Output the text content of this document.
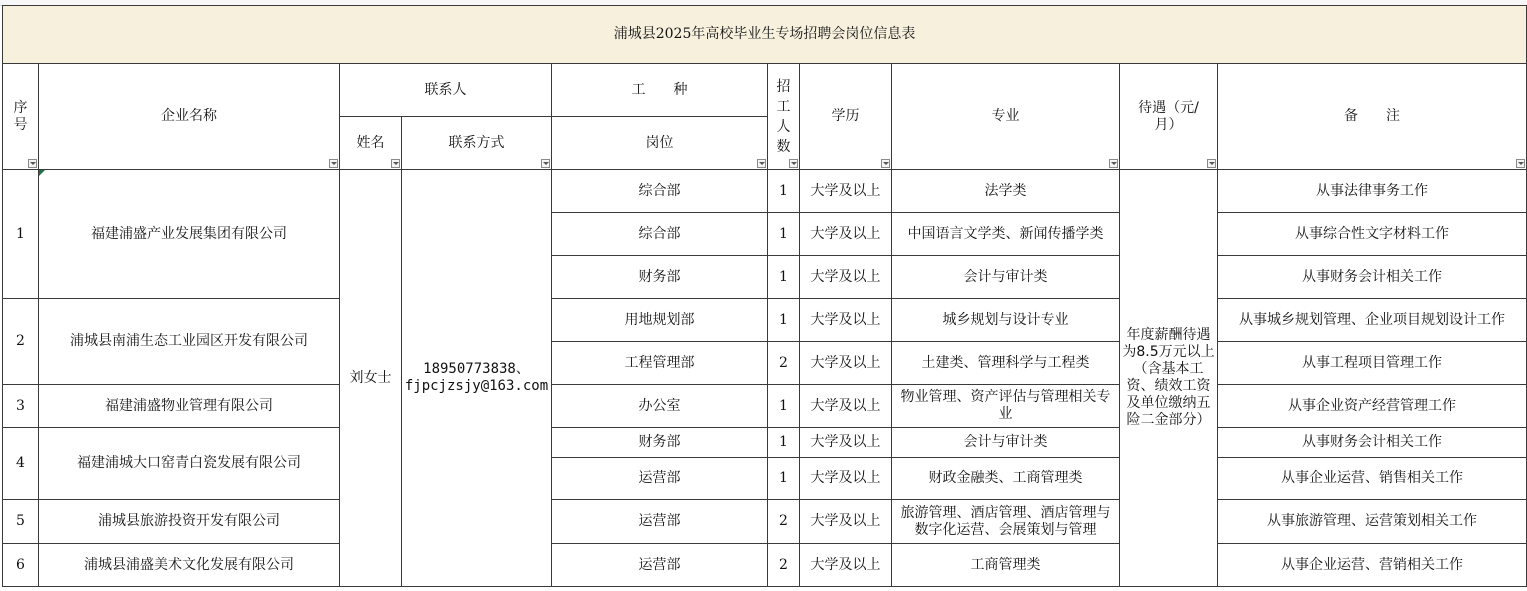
浦城县2025年高校毕业生专场招聘会岗位信息表									
序号	企业名称	联系人		工　　种	招工人数	学历	专业	待遇（元/月）	备　　注

		姓名	联系方式	岗位					

1	福建浦盛产业发展集团有限公司	刘女士	18950773838、fjpcjzsjy@163.com	综合部	1	大学及以上	法学类	年度薪酬待遇为8.5万元以上（含基本工资、绩效工资及单位缴纳五险二金部分）	从事法律事务工作
				综合部	1	大学及以上	中国语言文学类、新闻传播学类		从事综合性文字材料工作
				财务部	1	大学及以上	会计与审计类		从事财务会计相关工作
2	浦城县南浦生态工业园区开发有限公司			用地规划部	1	大学及以上	城乡规划与设计专业		从事城乡规划管理、企业项目规划设计工作
				工程管理部	2	大学及以上	土建类、管理科学与工程类		从事工程项目管理工作
3	福建浦盛物业管理有限公司			办公室	1	大学及以上	物业管理、资产评估与管理相关专业		从事企业资产经营管理工作
4	福建浦城大口窑青白瓷发展有限公司			财务部	1	大学及以上	会计与审计类		从事财务会计相关工作
				运营部	1	大学及以上	财政金融类、工商管理类		从事企业运营、销售相关工作
5	浦城县旅游投资开发有限公司			运营部	2	大学及以上	旅游管理、酒店管理、酒店管理与数字化运营、会展策划与管理		从事旅游管理、运营策划相关工作
6	浦城县浦盛美术文化发展有限公司			运营部	2	大学及以上	工商管理类		从事企业运营、营销相关工作
